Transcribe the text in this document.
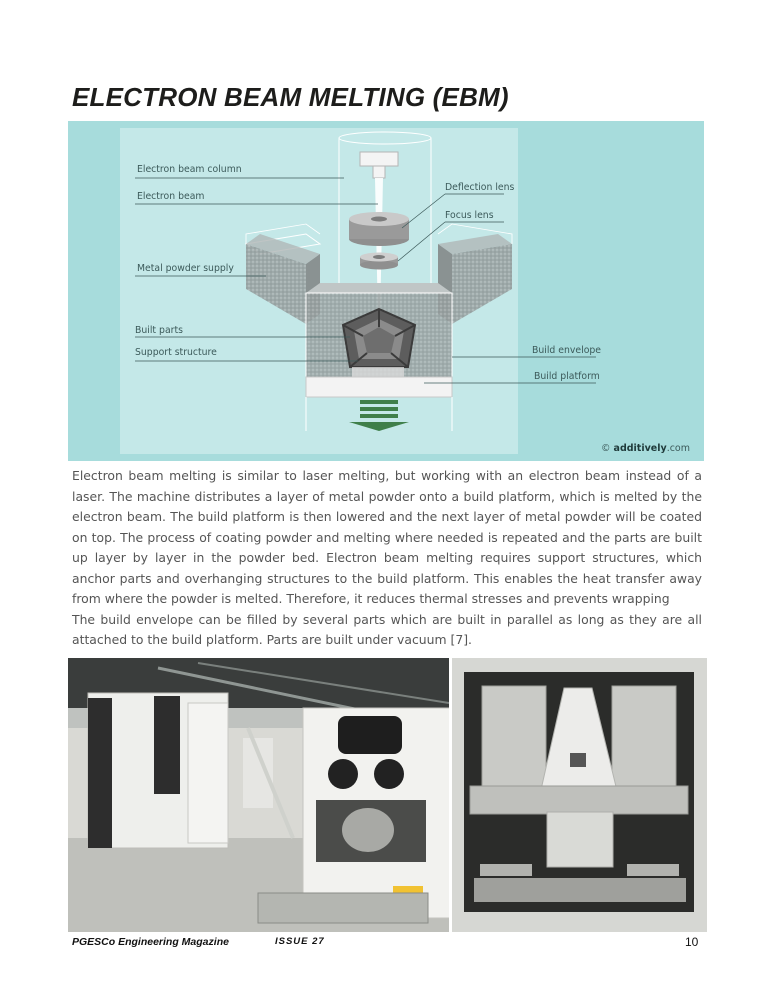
ELECTRON BEAM MELTING (EBM)
Electron beam column
Electron beam
Deflection lens
Focus lens
Metal powder supply
Built parts
Support structure	Build envelope
Build platform
© additively.com

Electron beam melting is similar to laser melting, but working with an electron beam instead of a laser. The machine distributes a layer of metal powder onto a build platform, which is melted by the electron beam. The build platform is then lowered and the next layer of metal powder will be coated on top. The process of coating powder and melting where needed is repeated and the parts are built up layer by layer in the powder bed. Electron beam melting requires support structures, which anchor parts and overhanging structures to the build platform. This enables the heat transfer away from where the powder is melted. Therefore, it reduces thermal stresses and prevents wrapping

The build envelope can be filled by several parts which are built in parallel as long as they are all attached to the build platform. Parts are built under vacuum [7].

PGESCo Engineering Magazine	ISSUE 27	10
